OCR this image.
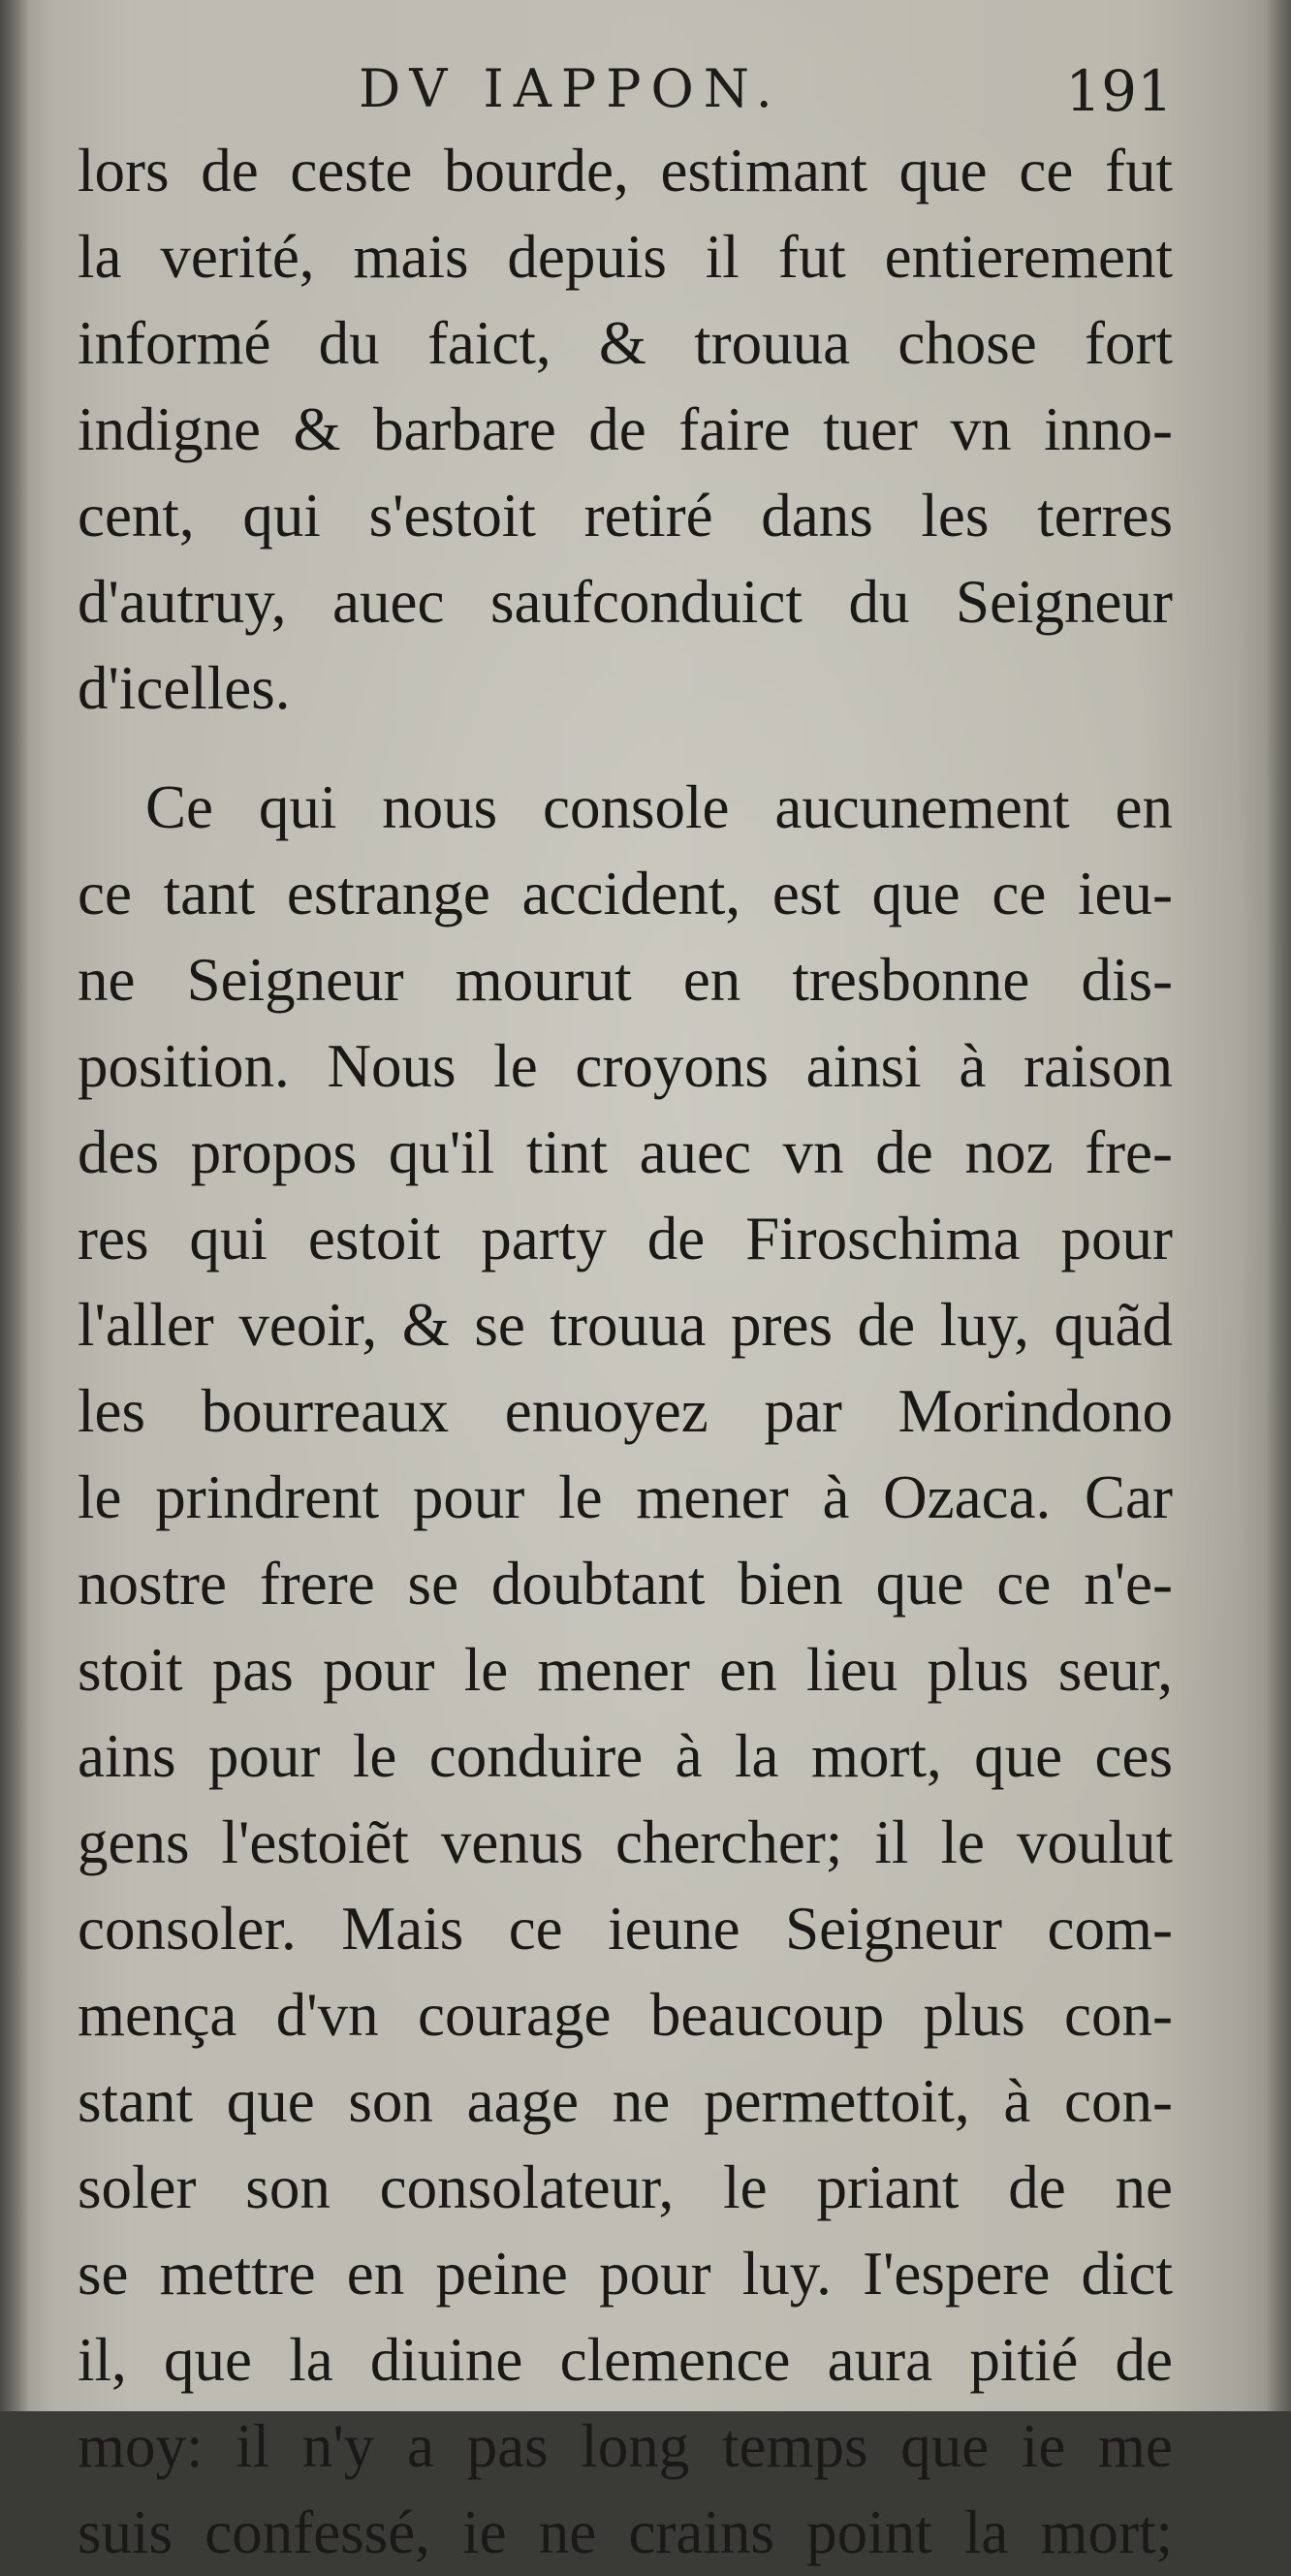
DV IAPPON.	191
lors de ceste bourde, estimant que ce fut
la verité, mais depuis il fut entierement
informé du faict, & trouua chose fort
indigne & barbare de faire tuer vn inno-
cent, qui s'estoit retiré dans les terres
d'autruy, auec saufconduict du Seigneur
d'icelles.
Ce qui nous console aucunement en
ce tant estrange accident, est que ce ieu-
ne Seigneur mourut en tresbonne dis-
position. Nous le croyons ainsi à raison
des propos qu'il tint auec vn de noz fre-
res qui estoit party de Firoschima pour
l'aller veoir, & se trouua pres de luy, quãd
les bourreaux enuoyez par Morindono
le prindrent pour le mener à Ozaca. Car
nostre frere se doubtant bien que ce n'e-
stoit pas pour le mener en lieu plus seur,
ains pour le conduire à la mort, que ces
gens l'estoiẽt venus chercher; il le voulut
consoler. Mais ce ieune Seigneur com-
mença d'vn courage beaucoup plus con-
stant que son aage ne permettoit, à con-
soler son consolateur, le priant de ne
se mettre en peine pour luy. I'espere dict
il, que la diuine clemence aura pitié de
moy: il n'y a pas long temps que ie me
suis confessé, ie ne crains point la mort;
